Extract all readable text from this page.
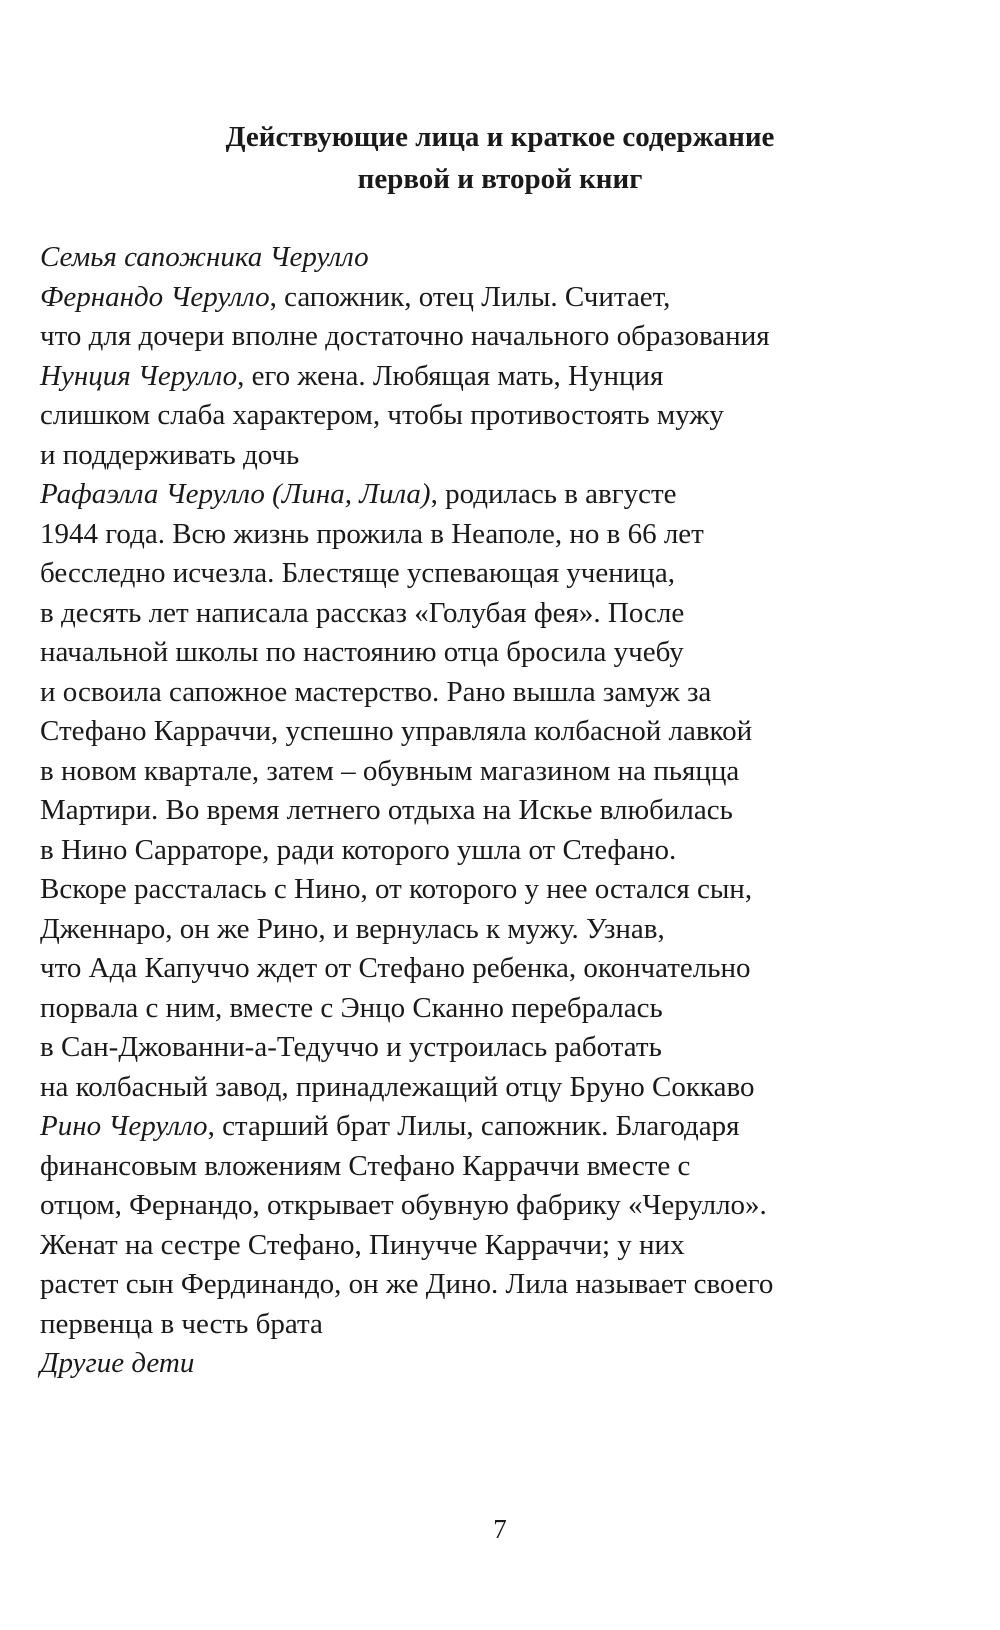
Действующие лица и краткое содержание
первой и второй книг
Семья сапожника Черулло
Фернандо Черулло, сапожник, отец Лилы. Считает,
что для дочери вполне достаточно начального образования
Нунция Черулло, его жена. Любящая мать, Нунция
слишком слаба характером, чтобы противостоять мужу
и поддерживать дочь
Рафаэлла Черулло (Лина, Лила), родилась в августе
1944 года. Всю жизнь прожила в Неаполе, но в 66 лет
бесследно исчезла. Блестяще успевающая ученица,
в десять лет написала рассказ «Голубая фея». После
начальной школы по настоянию отца бросила учебу
и освоила сапожное мастерство. Рано вышла замуж за
Стефано Карраччи, успешно управляла колбасной лавкой
в новом квартале, затем – обувным магазином на пьяцца
Мартири. Во время летнего отдыха на Искье влюбилась
в Нино Сарраторе, ради которого ушла от Стефано.
Вскоре рассталась с Нино, от которого у нее остался сын,
Дженнаро, он же Рино, и вернулась к мужу. Узнав,
что Ада Капуччо ждет от Стефано ребенка, окончательно
порвала с ним, вместе с Энцо Сканно перебралась
в Сан-Джованни-а-Тедуччо и устроилась работать
на колбасный завод, принадлежащий отцу Бруно Соккаво
Рино Черулло, старший брат Лилы, сапожник. Благодаря
финансовым вложениям Стефано Карраччи вместе с
отцом, Фернандо, открывает обувную фабрику «Черулло».
Женат на сестре Стефано, Пинучче Карраччи; у них
растет сын Фердинандо, он же Дино. Лила называет своего
первенца в честь брата
Другие дети
7
